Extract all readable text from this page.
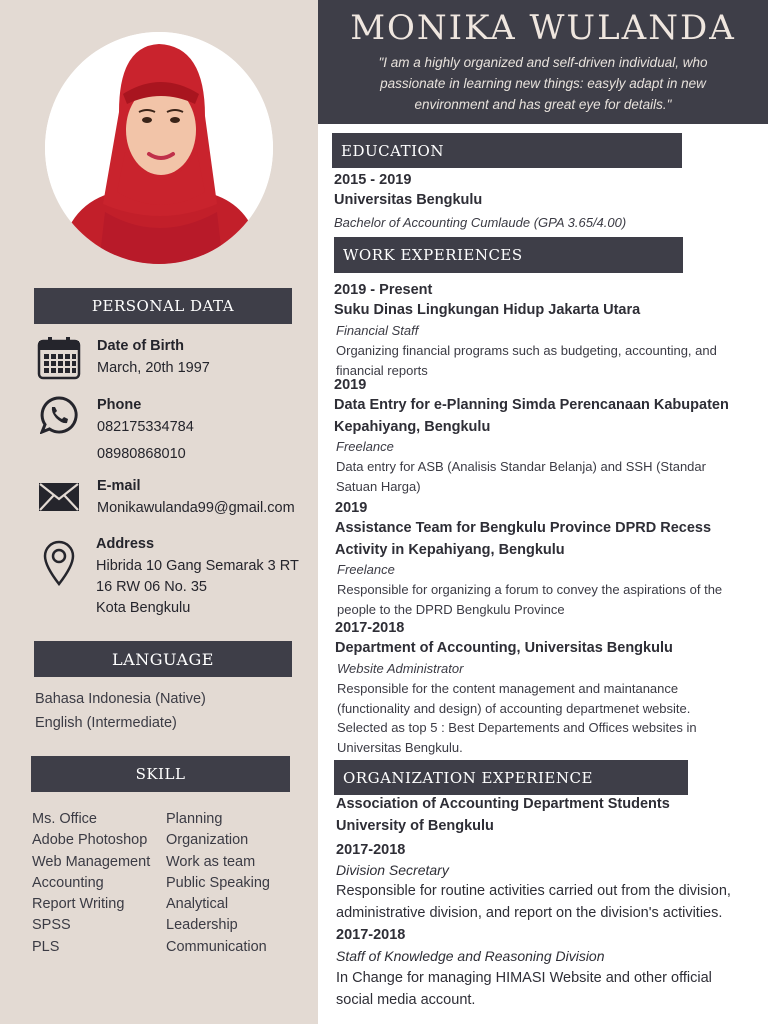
PERSONAL DATA
Date of Birth
March, 20th 1997
Phone
082175334784
08980868010
E-mail
Monikawulanda99@gmail.com
Address
Hibrida 10 Gang Semarak 3 RT
16 RW 06 No. 35
Kota Bengkulu
LANGUAGE
Bahasa Indonesia (Native)
English (Intermediate)
SKILL
Ms. Office
Adobe Photoshop
Web Management
Accounting
Report Writing
SPSS
PLS
Planning
Organization
Work as team
Public Speaking
Analytical
Leadership
Communication
MONIKA WULANDA
"I am a highly organized and self-driven individual, who passionate in learning new things: easyly adapt in new environment and has great eye for details."
EDUCATION
2015 - 2019
Universitas Bengkulu
Bachelor of Accounting Cumlaude (GPA 3.65/4.00)
WORK EXPERIENCES
2019 - Present
Suku Dinas Lingkungan Hidup Jakarta Utara
Financial Staff
Organizing financial programs such as budgeting, accounting, and financial reports
2019
Data Entry for e-Planning Simda Perencanaan Kabupaten Kepahiyang, Bengkulu
Freelance
Data entry for ASB (Analisis Standar Belanja) and SSH (Standar Satuan Harga)
2019
Assistance Team for Bengkulu Province DPRD Recess Activity in Kepahiyang, Bengkulu
Freelance
Responsible for organizing a forum to convey the aspirations of the people to the DPRD Bengkulu Province
2017-2018
Department of Accounting, Universitas Bengkulu
Website Administrator
Responsible for the content management and maintanance (functionality and design) of accounting departmenet website. Selected as top 5 : Best Departements and Offices websites in Universitas Bengkulu.
ORGANIZATION EXPERIENCE
Association of Accounting Department Students University of Bengkulu
2017-2018
Division Secretary
Responsible for routine activities carried out from the division, administrative division, and report on the division's activities.
2017-2018
Staff of Knowledge and Reasoning Division
In Change for managing HIMASI Website and other official social media account.
